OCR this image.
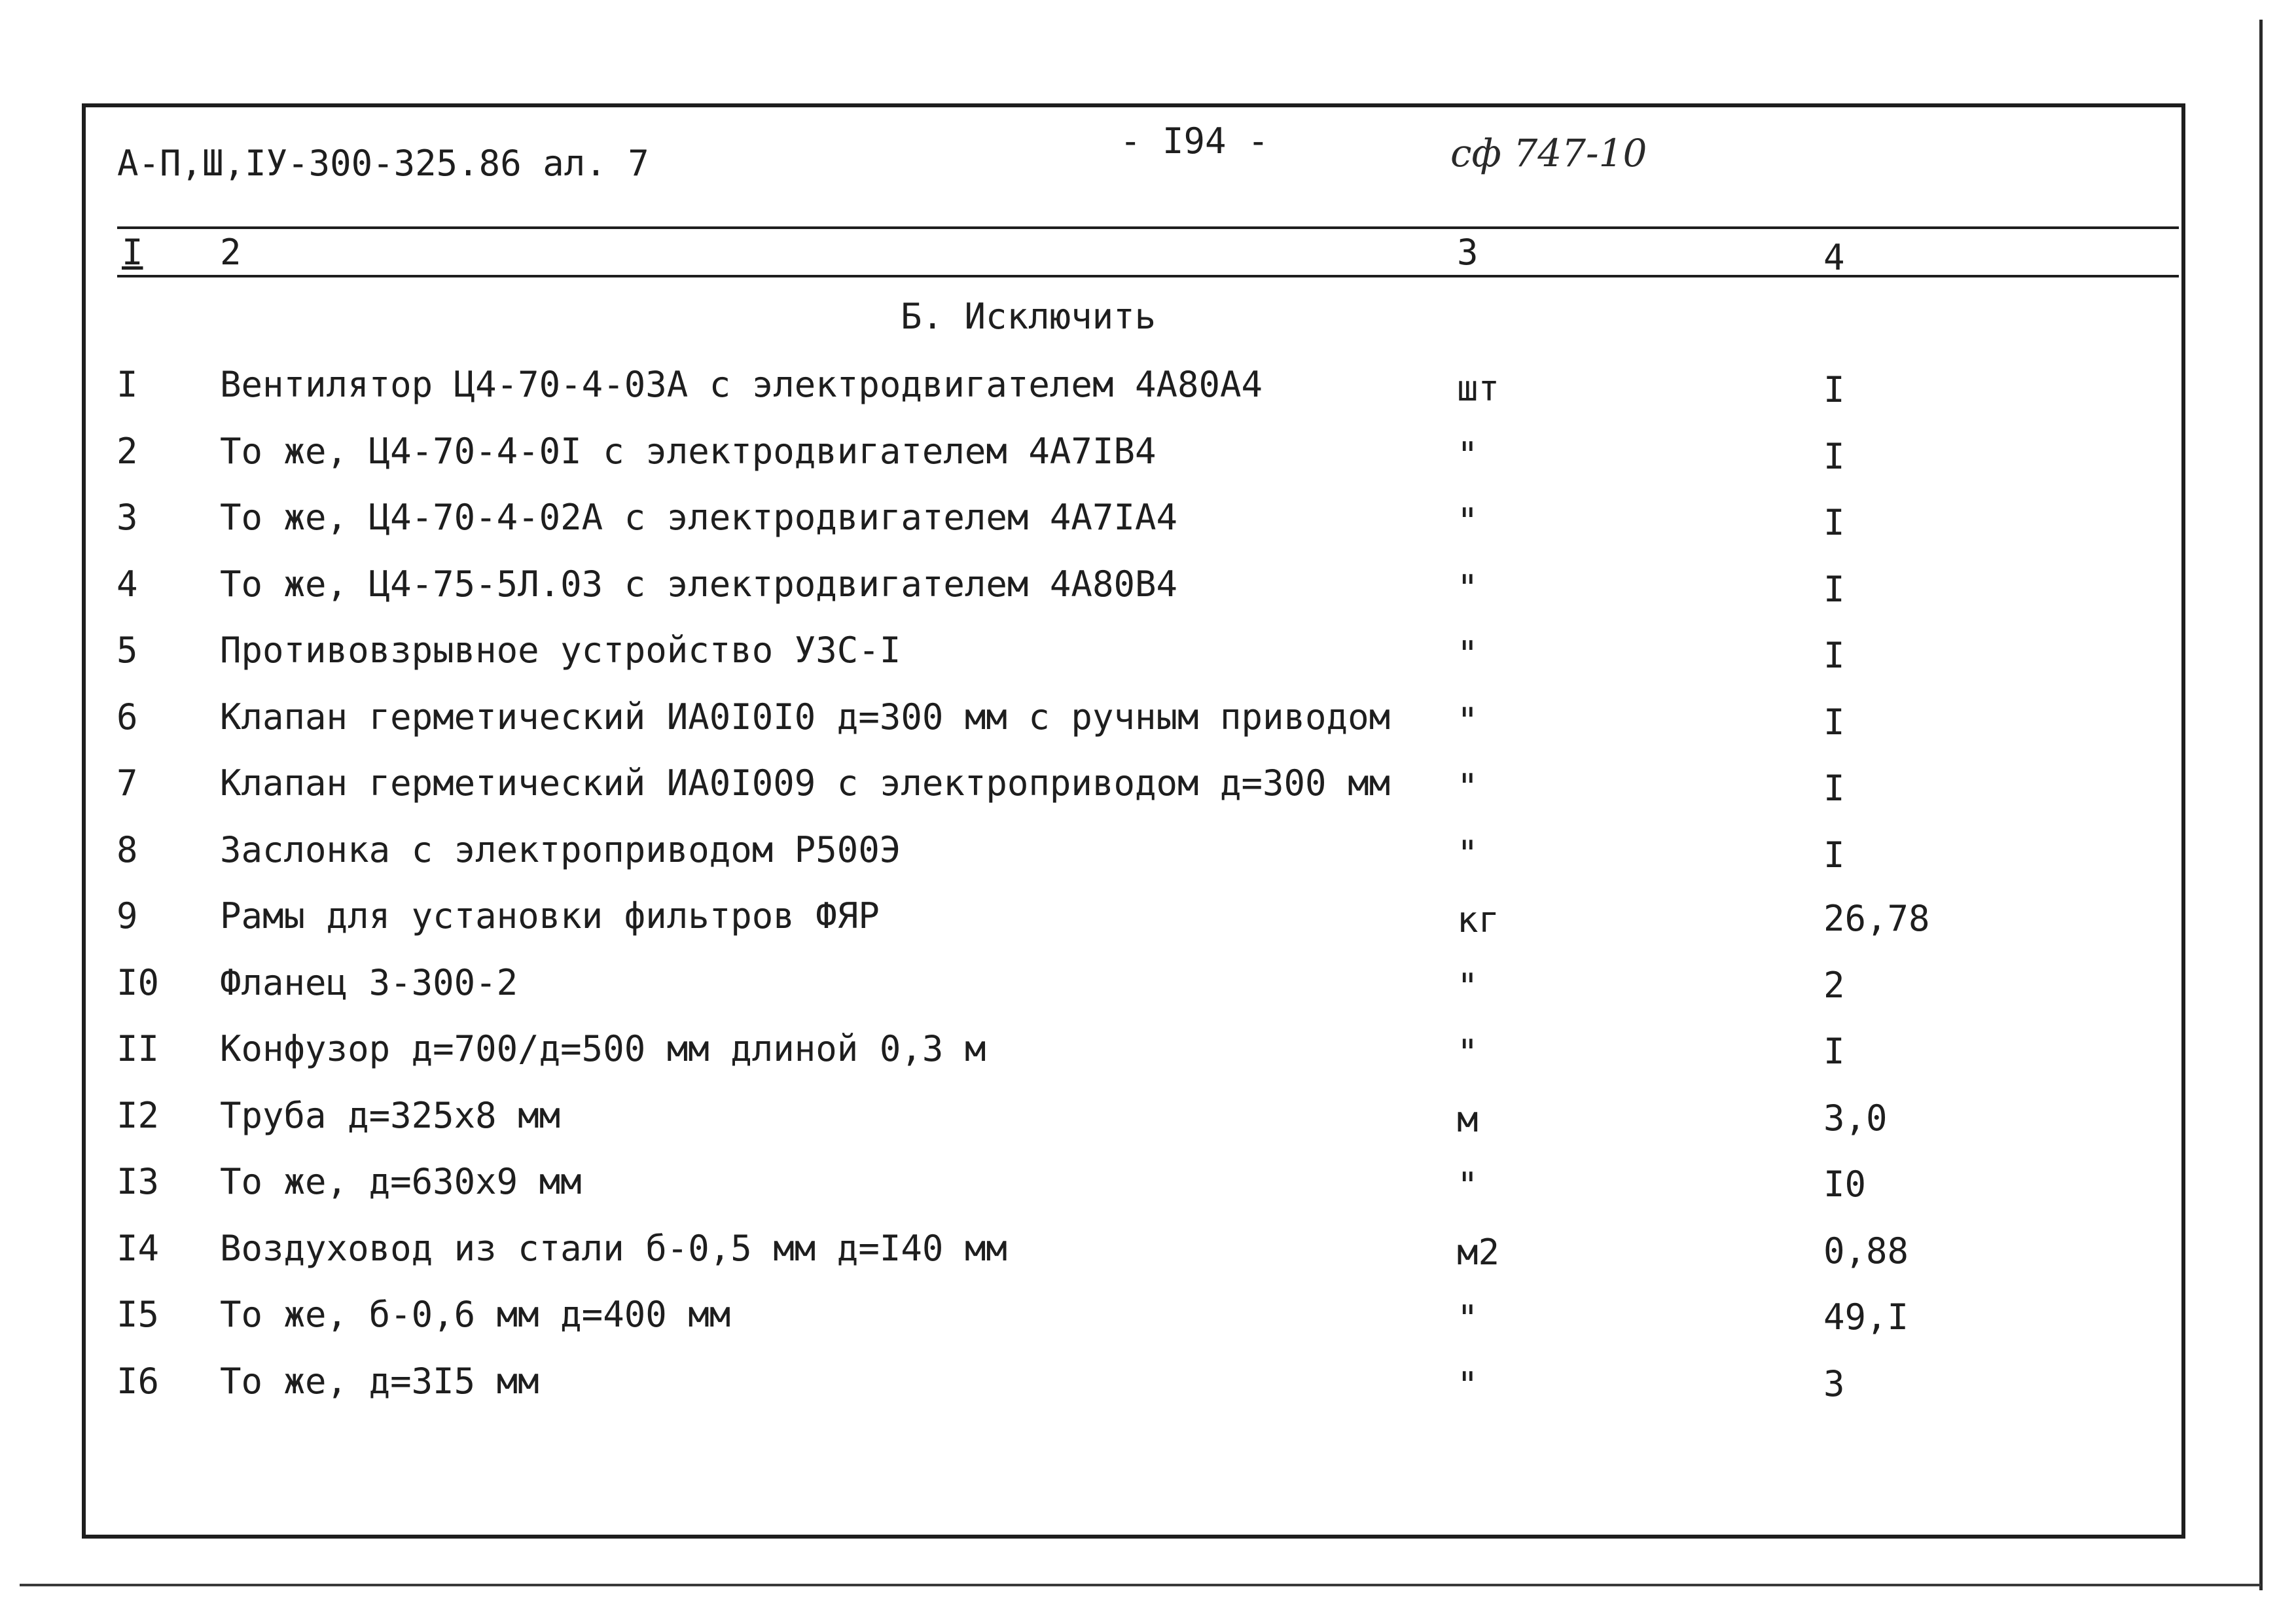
А-П,Ш,IУ-300-325.86 ал. 7
- I94 -	сф 747-10
I 2	3	4
Б. Исключить
I Вентилятор Ц4-70-4-03А с электродвигателем 4А80А4	шт	I
2 То же, Ц4-70-4-0I с электродвигателем 4А7IВ4	"	I
3 То же, Ц4-70-4-02А с электродвигателем 4А7IА4	"	I
4 То же, Ц4-75-5Л.03 с электродвигателем 4А80В4	"	I
5 Противовзрывное устройство УЗС-I	"	I
6 Клапан герметический ИА0I0I0 д=300 мм с ручным приводом "	I
7 Клапан герметический ИА0I009 с электроприводом д=300 мм "	I
8 Заслонка с электроприводом Р500Э	"	I
9 Рамы для установки фильтров ФЯР	кг	26,78
I0 Фланец 3-300-2	"	2
II Конфузор д=700/д=500 мм длиной 0,3 м	"	I
I2 Труба д=325х8 мм	м	3,0
I3 То же, д=630х9 мм	"	I0
I4 Воздуховод из стали б-0,5 мм д=I40 мм	м2	0,88
I5 То же, б-0,6 мм д=400 мм	"	49,I
I6 То же, д=3I5 мм	"	3
